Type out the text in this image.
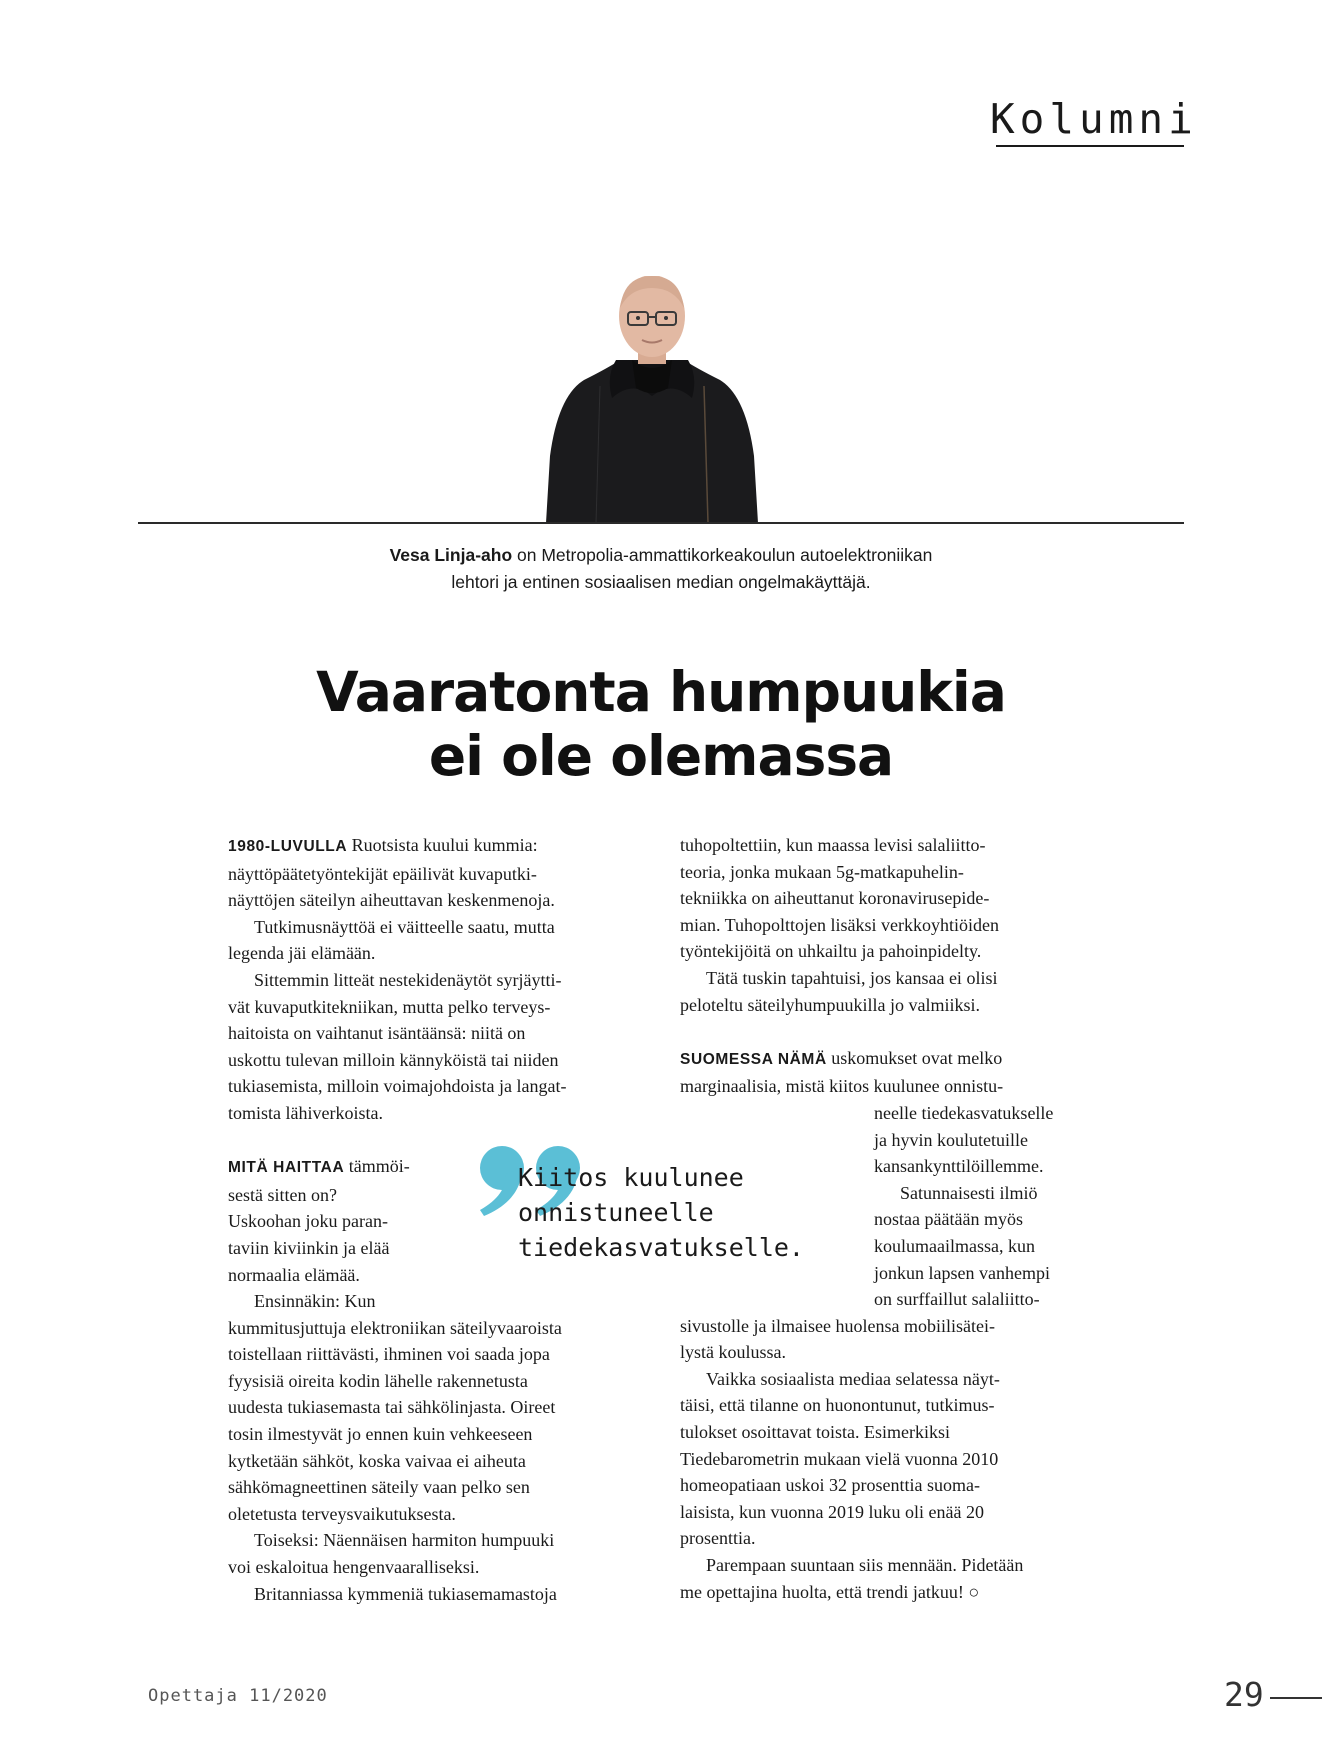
Kolumni
Vesa Linja-aho on Metropolia-ammattikorkeakoulun autoelektroniikan
lehtori ja entinen sosiaalisen median ongelmakäyttäjä.
Vaaratonta humpuukia
ei ole olemassa

1980-LUVULLA Ruotsista kuului kummia:

näyttöpäätetyöntekijät epäilivät kuvaputki-

näyttöjen säteilyn aiheuttavan keskenmenoja.

Tutkimusnäyttöä ei väitteelle saatu, mutta

legenda jäi elämään.

Sittemmin litteät nestekidenäytöt syrjäytti-

vät kuvaputkitekniikan, mutta pelko terveys-

haitoista on vaihtanut isäntäänsä: niitä on

uskottu tulevan milloin kännyköistä tai niiden

tukiasemista, milloin voimajohdoista ja langat-

tomista lähiverkoista.

MITÄ HAITTAA tämmöi-

sestä sitten on?

Uskoohan joku paran-

taviin kiviinkin ja elää

normaalia elämää.

Ensinnäkin: Kun

kummitusjuttuja elektroniikan säteilyvaaroista

toistellaan riittävästi, ihminen voi saada jopa

fyysisiä oireita kodin lähelle rakennetusta

uudesta tukiasemasta tai sähkölinjasta. Oireet

tosin ilmestyvät jo ennen kuin vehkeeseen

kytketään sähköt, koska vaivaa ei aiheuta

sähkömagneettinen säteily vaan pelko sen

oletetusta terveysvaikutuksesta.

Toiseksi: Näennäisen harmiton humpuuki

voi eskaloitua hengenvaaralliseksi.

Britanniassa kymmeniä tukiasemamastoja

tuhopoltettiin, kun maassa levisi salaliitto-

teoria, jonka mukaan 5g-matkapuhelin-

tekniikka on aiheuttanut koronavirusepide-

mian. Tuhopolttojen lisäksi verkkoyhtiöiden

työntekijöitä on uhkailtu ja pahoinpidelty.

Tätä tuskin tapahtuisi, jos kansaa ei olisi

peloteltu säteilyhumpuukilla jo valmiiksi.

SUOMESSA NÄMÄ uskomukset ovat melko

marginaalisia, mistä kiitos kuulunee onnistu-

neelle tiedekasvatukselle

ja hyvin koulutetuille

kansankynttilöillemme.

Satunnaisesti ilmiö

nostaa päätään myös

koulumaailmassa, kun

jonkun lapsen vanhempi

on surffaillut salaliitto-

sivustolle ja ilmaisee huolensa mobiilisätei-

lystä koulussa.

Vaikka sosiaalista mediaa selatessa näyt-

täisi, että tilanne on huonontunut, tutkimus-

tulokset osoittavat toista. Esimerkiksi

Tiedebarometrin mukaan vielä vuonna 2010

homeopatiaan uskoi 32 prosenttia suoma-

laisista, kun vuonna 2019 luku oli enää 20

prosenttia.

Parempaan suuntaan siis mennään. Pidetään

me opettajina huolta, että trendi jatkuu! ○

Kiitos kuulunee

onnistuneelle

tiedekasvatukselle.

Opettaja 11/2020	29
